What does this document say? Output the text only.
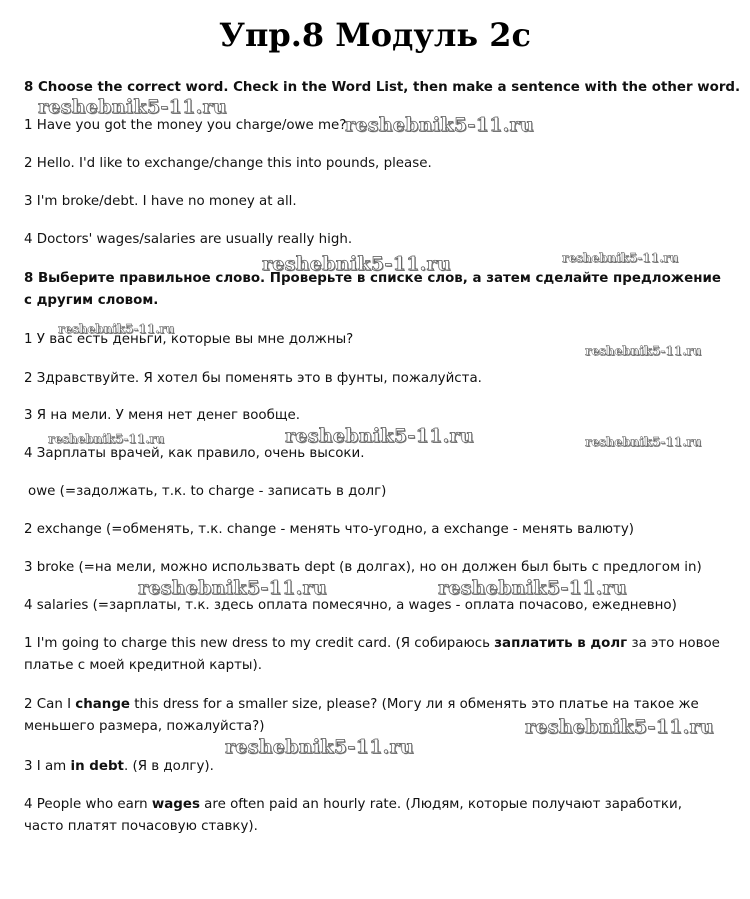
Упр.8 Модуль 2с
8 Choose the correct word. Check in the Word List, then make a sentence with the other word.
1 Have you got the money you charge/owe me?
2 Hello. I'd like to exchange/change this into pounds, please.
3 I'm broke/debt. I have no money at all.
4 Doctors' wages/salaries are usually really high.
8 Выберите правильное слово. Проверьте в списке слов, а затем сделайте предложение с другим словом.
1 У вас есть деньги, которые вы мне должны?
2 Здравствуйте. Я хотел бы поменять это в фунты, пожалуйста.
3 Я на мели. У меня нет денег вообще.
4 Зарплаты врачей, как правило, очень высоки.
owe (=задолжать, т.к. to charge - записать в долг)
2 exchange (=обменять, т.к. change - менять что-угодно, а exchange - менять валюту)
3 broke (=на мели, можно использвать dept (в долгах), но он должен был быть с предлогом in)
4 salaries (=зарплаты, т.к. здесь оплата помесячно, а wages - оплата почасово, ежедневно)
1 I'm going to charge this new dress to my credit card. (Я собираюсь заплатить в долг за это новое платье с моей кредитной карты).
2 Can I change this dress for a smaller size, please? (Могу ли я обменять это платье на такое же меньшего размера, пожалуйста?)
3 I am in debt. (Я в долгу).
4 People who earn wages are often paid an hourly rate. (Людям, которые получают заработки, часто платят почасовую ставку).
reshebnik5-11.ru
reshebnik5-11.ru
reshebnik5-11.ru	reshebnik5-11.ru
reshebnik5-11.ru
reshebnik5-11.ru
reshebnik5-11.ru	reshebnik5-11.ru	reshebnik5-11.ru
reshebnik5-11.ru	reshebnik5-11.ru
reshebnik5-11.ru
reshebnik5-11.ru
